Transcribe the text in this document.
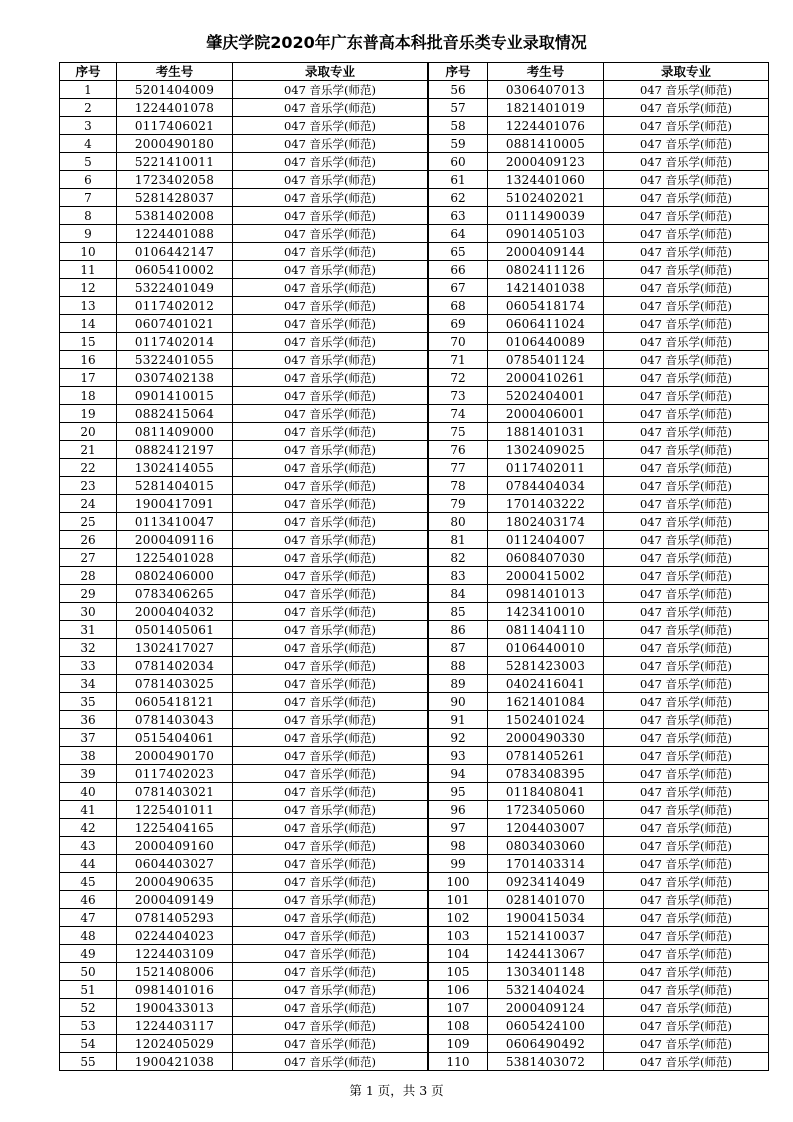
肇庆学院2020年广东普高本科批音乐类专业录取情况
序号	考生号	录取专业
1	5201404009	047 音乐学(师范)
2	1224401078	047 音乐学(师范)
3	0117406021	047 音乐学(师范)
4	2000490180	047 音乐学(师范)
5	5221410011	047 音乐学(师范)
6	1723402058	047 音乐学(师范)
7	5281428037	047 音乐学(师范)
8	5381402008	047 音乐学(师范)
9	1224401088	047 音乐学(师范)
10	0106442147	047 音乐学(师范)
11	0605410002	047 音乐学(师范)
12	5322401049	047 音乐学(师范)
13	0117402012	047 音乐学(师范)
14	0607401021	047 音乐学(师范)
15	0117402014	047 音乐学(师范)
16	5322401055	047 音乐学(师范)
17	0307402138	047 音乐学(师范)
18	0901410015	047 音乐学(师范)
19	0882415064	047 音乐学(师范)
20	0811409000	047 音乐学(师范)
21	0882412197	047 音乐学(师范)
22	1302414055	047 音乐学(师范)
23	5281404015	047 音乐学(师范)
24	1900417091	047 音乐学(师范)
25	0113410047	047 音乐学(师范)
26	2000409116	047 音乐学(师范)
27	1225401028	047 音乐学(师范)
28	0802406000	047 音乐学(师范)
29	0783406265	047 音乐学(师范)
30	2000404032	047 音乐学(师范)
31	0501405061	047 音乐学(师范)
32	1302417027	047 音乐学(师范)
33	0781402034	047 音乐学(师范)
34	0781403025	047 音乐学(师范)
35	0605418121	047 音乐学(师范)
36	0781403043	047 音乐学(师范)
37	0515404061	047 音乐学(师范)
38	2000490170	047 音乐学(师范)
39	0117402023	047 音乐学(师范)
40	0781403021	047 音乐学(师范)
41	1225401011	047 音乐学(师范)
42	1225404165	047 音乐学(师范)
43	2000409160	047 音乐学(师范)
44	0604403027	047 音乐学(师范)
45	2000490635	047 音乐学(师范)
46	2000409149	047 音乐学(师范)
47	0781405293	047 音乐学(师范)
48	0224404023	047 音乐学(师范)
49	1224403109	047 音乐学(师范)
50	1521408006	047 音乐学(师范)
51	0981401016	047 音乐学(师范)
52	1900433013	047 音乐学(师范)
53	1224403117	047 音乐学(师范)
54	1202405029	047 音乐学(师范)
55	1900421038	047 音乐学(师范)
序号	考生号	录取专业
56	0306407013	047 音乐学(师范)
57	1821401019	047 音乐学(师范)
58	1224401076	047 音乐学(师范)
59	0881410005	047 音乐学(师范)
60	2000409123	047 音乐学(师范)
61	1324401060	047 音乐学(师范)
62	5102402021	047 音乐学(师范)
63	0111490039	047 音乐学(师范)
64	0901405103	047 音乐学(师范)
65	2000409144	047 音乐学(师范)
66	0802411126	047 音乐学(师范)
67	1421401038	047 音乐学(师范)
68	0605418174	047 音乐学(师范)
69	0606411024	047 音乐学(师范)
70	0106440089	047 音乐学(师范)
71	0785401124	047 音乐学(师范)
72	2000410261	047 音乐学(师范)
73	5202404001	047 音乐学(师范)
74	2000406001	047 音乐学(师范)
75	1881401031	047 音乐学(师范)
76	1302409025	047 音乐学(师范)
77	0117402011	047 音乐学(师范)
78	0784404034	047 音乐学(师范)
79	1701403222	047 音乐学(师范)
80	1802403174	047 音乐学(师范)
81	0112404007	047 音乐学(师范)
82	0608407030	047 音乐学(师范)
83	2000415002	047 音乐学(师范)
84	0981401013	047 音乐学(师范)
85	1423410010	047 音乐学(师范)
86	0811404110	047 音乐学(师范)
87	0106440010	047 音乐学(师范)
88	5281423003	047 音乐学(师范)
89	0402416041	047 音乐学(师范)
90	1621401084	047 音乐学(师范)
91	1502401024	047 音乐学(师范)
92	2000490330	047 音乐学(师范)
93	0781405261	047 音乐学(师范)
94	0783408395	047 音乐学(师范)
95	0118408041	047 音乐学(师范)
96	1723405060	047 音乐学(师范)
97	1204403007	047 音乐学(师范)
98	0803403060	047 音乐学(师范)
99	1701403314	047 音乐学(师范)
100	0923414049	047 音乐学(师范)
101	0281401070	047 音乐学(师范)
102	1900415034	047 音乐学(师范)
103	1521410037	047 音乐学(师范)
104	1424413067	047 音乐学(师范)
105	1303401148	047 音乐学(师范)
106	5321404024	047 音乐学(师范)
107	2000409124	047 音乐学(师范)
108	0605424100	047 音乐学(师范)
109	0606490492	047 音乐学(师范)
110	5381403072	047 音乐学(师范)
第 1 页，共 3 页
